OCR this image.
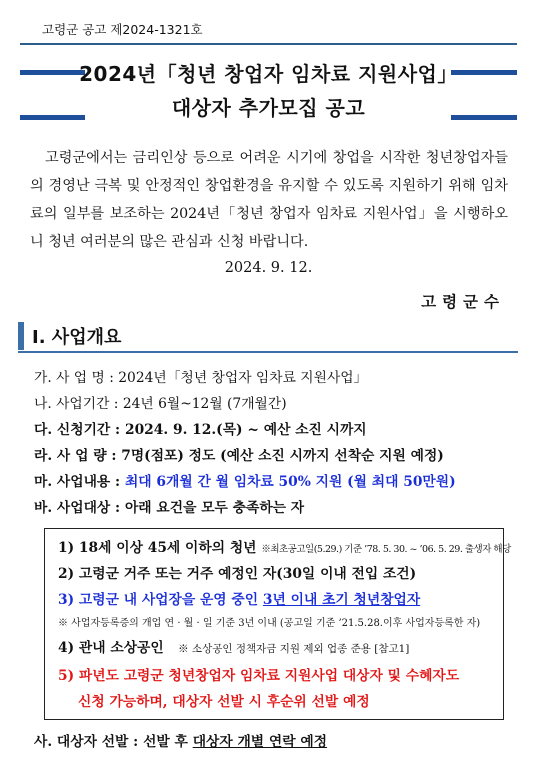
고령군 공고 제2024-1321호
2024년「청년 창업자 임차료 지원사업」
대상자 추가모집 공고
고령군에서는 금리인상 등으로 어려운 시기에 창업을 시작한 청년창업자들의 경영난 극복 및 안정적인 창업환경을 유지할 수 있도록 지원하기 위해 임차료의 일부를 보조하는 2024년「청년 창업자 임차료 지원사업」을 시행하오니 청년 여러분의 많은 관심과 신청 바랍니다.
2024. 9. 12.
고령군수
Ⅰ. 사업개요
가. 사 업 명 : 2024년「청년 창업자 임차료 지원사업」
나. 사업기간 : 24년 6월~12월 (7개월간)
다. 신청기간 : 2024. 9. 12.(목) ~ 예산 소진 시까지
라. 사 업 량 : 7명(점포) 정도 (예산 소진 시까지 선착순 지원 예정)
마. 사업내용 : 최대 6개월 간 월 임차료 50% 지원 (월 최대 50만원)
바. 사업대상 : 아래 요건을 모두 충족하는 자
1) 18세 이상 45세 이하의 청년 ※최초공고일(5.29.) 기준 ’78. 5. 30. ~ ’06. 5. 29. 출생자 해당
2) 고령군 거주 또는 거주 예정인 자(30일 이내 전입 조건)
3) 고령군 내 사업장을 운영 중인 3년 이내 초기 청년창업자
※ 사업자등록증의 개업 연 · 월 · 일 기준 3년 이내 (공고일 기준 ’21.5.28.이후 사업자등록한 자)
4) 관내 소상공인 ※ 소상공인 정책자금 지원 제외 업종 준용 [참고1]
5) 파년도 고령군 청년창업자 임차료 지원사업 대상자 및 수혜자도
신청 가능하며, 대상자 선발 시 후순위 선발 예정
사. 대상자 선발 : 선발 후 대상자 개별 연락 예정
